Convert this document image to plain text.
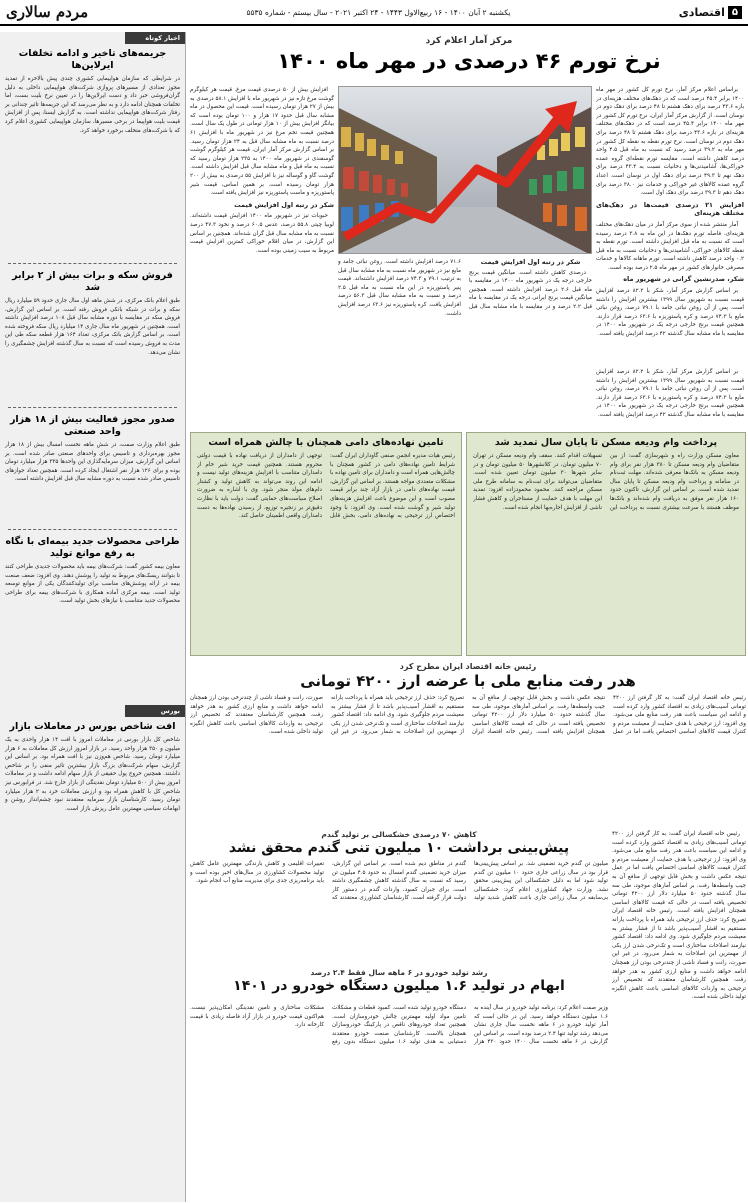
۵
اقتصادی
یکشنبه ۲ آبان ۱۴۰۰ - ۱۶ ربیع‌الاول ۱۴۴۳ - ۲۴ اکتبر ۲۰۲۱ - سال بیستم - شماره ۵۵۳۵
مردم سالاری
مرکز آمار اعلام کرد
نرخ تورم ۴۶ درصدی در مهر ماه ۱۴۰۰

براساس اعلام مرکز آمار، نرخ تورم کل کشور در مهر ماه ۱۴۰۰ برابر ۴۵.۴ درصد است که در دهک‌های مختلف هزینه‌ای در بازه ۴۳.۶ درصد برای دهک هشتم تا ۴۸ درصد برای دهک دوم در نوسان است. از گزارش مرکز آمار ایران، نرخ تورم کل کشور در مهر ماه ۱۴۰۰ برابر ۴۵.۴ درصد است که در دهک‌های مختلف هزینه‌ای در بازه ۴۳.۶ درصد برای دهک هشتم تا ۴۸ درصد برای دهک دوم در نوسان است. نرخ تورم نقطه به نقطه کل کشور در مهر ماه به ۳۹.۲ درصد رسید که نسبت به ماه قبل ۴.۵ واحد درصد کاهش داشته است. مقایسه تورم نقطه‌ای گروه عمده خوراکی‌ها، آشامیدنی‌ها و دخانیات نسبت به ۴۳.۴ درصد برای دهک نهم تا ۴۹.۳ درصد برای دهک اول در نوسان است. اعداد گروه عمده کالاهای غیر خوراکی و خدمات نیز ۳۸.۰ درصد برای دهک دهم تا ۳۹.۳ درصد برای دهک اول است.

افزایش ۲۱ درصدی قیمت‌ها در دهک‌های مختلف هزینه‌ای

آمار منتشر شده از سوی مرکز آمار در میان دهک‌های مختلف هزینه‌ای، فاصله تورم دهک‌ها در این ماه به ۳.۸ درصد رسیده است که نسبت به ماه قبل افزایش داشته است. تورم نقطه به نقطه کالاهای خوراکی، آشامیدنی‌ها و دخانیات نسبت به ماه قبل ۰.۲ واحد درصد کاهش داشته است. تورم ماهانه کالاها و خدمات مصرفی خانوارهای کشور در مهر ماه ۲.۵ درصد بوده است.

شکر، صدرنشین گرانی در شهریور ماه

بر اساس گزارش مرکز آمار، شکر با ۸۲.۲ درصد افزایش قیمت نسبت به شهریور سال ۱۳۹۹ بیشترین افزایش را داشته است. پس از آن روغن نباتی جامد با ۷۹.۱ درصد، روغن نباتی مایع با ۷۴.۳ درصد و کره پاستوریزه با ۶۳.۶ درصد قرار دارند. همچنین قیمت برنج خارجی درجه یک در شهریور ماه ۱۴۰۰ در مقایسه با ماه مشابه سال گذشته ۴۲ درصد افزایش یافته است.

افزایش بیش از ۵۰ درصدی قیمت مرغ. قیمت هر کیلوگرم گوشت مرغ تازه نیز در شهریور ماه با افزایش ۵۸.۱ درصدی به بیش از ۲۷ هزار تومان رسیده است. قیمت این محصول در ماه مشابه سال قبل حدود ۱۷ هزار و ۱۰۰ تومان بوده است که بیانگر افزایش بیش از ۱۰ هزار تومانی در طول یک سال است. همچنین قیمت تخم مرغ نیز در شهریور ماه با افزایش ۶۱ درصد نسبت به ماه مشابه سال قبل به ۲۴ هزار تومان رسید. بر اساس گزارش مرکز آمار ایران، قیمت هر کیلوگرم گوشت گوسفندی در شهریور ماه ۱۴۰۰ به ۲۳۵ هزار تومان رسید که نسبت به ماه قبل و ماه مشابه سال قبل افزایش داشته است. گوشت گاو و گوساله نیز با افزایش ۵۵ درصدی به بیش از ۲۰۰ هزار تومان رسیده است. بر همین اساس، قیمت شیر پاستوریزه و ماست پاستوریزه نیز افزایش یافته است.

شکر در رتبه اول افزایش قیمت

حبوبات نیز در شهریور ماه ۱۴۰۰ افزایش قیمت داشته‌اند. لوبیا چیتی ۵۵.۸ درصد، عدس ۶۰.۵ درصد و نخود ۴۷.۳ درصد نسبت به ماه مشابه سال قبل گران شده‌اند. همچنین بر اساس این گزارش، در میان اقلام خوراکی کمترین افزایش قیمت مربوط به سیب زمینی بوده است.

شکر در رتبه اول افزایش قیمت

درصدی کاهش داشته است. میانگین قیمت برنج خارجی درجه یک در شهریور ماه ۱۴۰۰ در مقایسه با ماه قبل ۲.۶ درصد افزایش داشته است. همچنین میانگین قیمت برنج ایرانی درجه یک در مقایسه با ماه قبل ۲.۲ درصد و در مقایسه با ماه مشابه سال قبل ۷۱.۶ درصد افزایش داشته است. روغن نباتی جامد و مایع نیز در شهریور ماه نسبت به ماه مشابه سال قبل به ترتیب ۷۹.۱ و ۷۴.۳ درصد افزایش داشته‌اند. قیمت پنیر پاستوریزه در این ماه نسبت به ماه قبل ۲.۵ درصد و نسبت به ماه مشابه سال قبل ۵۶.۳ درصد افزایش یافت. کره پاستوریزه نیز ۶۳.۶ درصد افزایش داشت.

بر اساس گزارش مرکز آمار، شکر با ۸۲.۲ درصد افزایش قیمت نسبت به شهریور سال ۱۳۹۹ بیشترین افزایش را داشته است. پس از آن روغن نباتی جامد با ۷۹.۱ درصد، روغن نباتی مایع با ۷۴.۳ درصد و کره پاستوریزه با ۶۳.۶ درصد قرار دارند. همچنین قیمت برنج خارجی درجه یک در شهریور ماه ۱۴۰۰ در مقایسه با ماه مشابه سال گذشته ۴۲ درصد افزایش یافته است.

پرداخت وام ودیعه مسکن تا پایان سال تمدید شد
معاون مسکن وزارت راه و شهرسازی گفت: از بین متقاضیان وام ودیعه مسکن تا ۳۸۰ هزار نفر برای وام ودیعه مسکن به بانک‌ها معرفی شده‌اند. مهلت ثبت‌نام در سامانه و پرداخت وام ودیعه مسکن تا پایان سال تمدید شده است. بر اساس این گزارش، تاکنون حدود ۱۶۰ هزار نفر موفق به دریافت وام شده‌اند و بانک‌ها موظف هستند با سرعت بیشتری نسبت به پرداخت این تسهیلات اقدام کنند. سقف وام ودیعه مسکن در تهران ۷۰ میلیون تومان، در کلانشهرها ۵۰ میلیون تومان و در سایر شهرها ۳۰ میلیون تومان تعیین شده است. متقاضیان می‌توانند برای ثبت‌نام به سامانه طرح ملی مسکن مراجعه کنند. محمود محمودزاده افزود: تمدید این مهلت با هدف حمایت از مستاجران و کاهش فشار ناشی از افزایش اجاره‌بها انجام شده است.
تامین نهاده‌های دامی همچنان با چالش همراه است
رئیس هیات مدیره انجمن صنفی گاوداران ایران گفت: شرایط تامین نهاده‌های دامی در کشور همچنان با چالش‌هایی همراه است و دامداران برای تامین نهاده با مشکلات متعددی مواجه هستند. بر اساس این گزارش، قیمت نهاده‌های دامی در بازار آزاد چند برابر قیمت مصوب است و این موضوع باعث افزایش هزینه‌های تولید شیر و گوشت شده است. وی افزود: با وجود اختصاص ارز ترجیحی به نهاده‌های دامی، بخش قابل توجهی از دامداران از دریافت نهاده با قیمت دولتی محروم هستند. همچنین قیمت خرید شیر خام از دامداران متناسب با افزایش هزینه‌های تولید نیست و ادامه این روند می‌تواند به کاهش تولید و کشتار دام‌های مولد منجر شود. وی با اشاره به ضرورت اصلاح سیاست‌های حمایتی گفت: دولت باید با نظارت دقیق‌تر بر زنجیره توزیع، از رسیدن نهاده‌ها به دست دامداران واقعی اطمینان حاصل کند.
رئیس خانه اقتصاد ایران مطرح کرد
هدر رفت منابع ملی با عرضه ارز ۴۲۰۰ تومانی
رئیس خانه اقتصاد ایران گفت: به کار گرفتن ارز ۴۲۰۰ تومانی آسیب‌های زیادی به اقتصاد کشور وارد کرده است و ادامه این سیاست باعث هدر رفت منابع ملی می‌شود. وی افزود: ارز ترجیحی با هدف حمایت از معیشت مردم و کنترل قیمت کالاهای اساسی اختصاص یافت اما در عمل نتیجه عکس داشت و بخش قابل توجهی از منافع آن به جیب واسطه‌ها رفت. بر اساس آمارهای موجود، طی سه سال گذشته حدود ۵۰ میلیارد دلار ارز ۴۲۰۰ تومانی تخصیص یافته است در حالی که قیمت کالاهای اساسی همچنان افزایش یافته است. رئیس خانه اقتصاد ایران تصریح کرد: حذف ارز ترجیحی باید همراه با پرداخت یارانه مستقیم به اقشار آسیب‌پذیر باشد تا از فشار بیشتر به معیشت مردم جلوگیری شود. وی ادامه داد: اقتصاد کشور نیازمند اصلاحات ساختاری است و تک‌نرخی شدن ارز یکی از مهمترین این اصلاحات به شمار می‌رود. در غیر این صورت، رانت و فساد ناشی از چندنرخی بودن ارز همچنان ادامه خواهد داشت و منابع ارزی کشور به هدر خواهد رفت. همچنین کارشناسان معتقدند که تخصیص ارز ترجیحی به واردات کالاهای اساسی باعث کاهش انگیزه تولید داخلی شده است.
کاهش ۷۰ درصدی خشکسالی بر تولید گندم
پیش‌بینی برداشت ۱۰ میلیون تنی گندم محقق نشد
میلیون تن گندم خرید تضمینی شد. بر اساس پیش‌بینی‌ها قرار بود در سال زراعی جاری حدود ۱۰ میلیون تن گندم تولید شود اما به دلیل خشکسالی این پیش‌بینی محقق نشد. وزارت جهاد کشاورزی اعلام کرد: خشکسالی بی‌سابقه در سال زراعی جاری باعث کاهش شدید تولید گندم در مناطق دیم شده است. بر اساس این گزارش، میزان خرید تضمینی گندم امسال به حدود ۴.۵ میلیون تن رسید که نسبت به سال گذشته کاهش چشمگیری داشته است. برای جبران کمبود، واردات گندم در دستور کار دولت قرار گرفته است. کارشناسان کشاورزی معتقدند که تغییرات اقلیمی و کاهش بارندگی مهمترین عامل کاهش تولید محصولات کشاورزی در سال‌های اخیر بوده است و باید برنامه‌ریزی جدی برای مدیریت منابع آب انجام شود.

رئیس خانه اقتصاد ایران گفت: به کار گرفتن ارز ۴۲۰۰ تومانی آسیب‌های زیادی به اقتصاد کشور وارد کرده است و ادامه این سیاست باعث هدر رفت منابع ملی می‌شود. وی افزود: ارز ترجیحی با هدف حمایت از معیشت مردم و کنترل قیمت کالاهای اساسی اختصاص یافت اما در عمل نتیجه عکس داشت و بخش قابل توجهی از منافع آن به جیب واسطه‌ها رفت. بر اساس آمارهای موجود، طی سه سال گذشته حدود ۵۰ میلیارد دلار ارز ۴۲۰۰ تومانی تخصیص یافته است در حالی که قیمت کالاهای اساسی همچنان افزایش یافته است. رئیس خانه اقتصاد ایران تصریح کرد: حذف ارز ترجیحی باید همراه با پرداخت یارانه مستقیم به اقشار آسیب‌پذیر باشد تا از فشار بیشتر به معیشت مردم جلوگیری شود. وی ادامه داد: اقتصاد کشور نیازمند اصلاحات ساختاری است و تک‌نرخی شدن ارز یکی از مهمترین این اصلاحات به شمار می‌رود. در غیر این صورت، رانت و فساد ناشی از چندنرخی بودن ارز همچنان ادامه خواهد داشت و منابع ارزی کشور به هدر خواهد رفت. همچنین کارشناسان معتقدند که تخصیص ارز ترجیحی به واردات کالاهای اساسی باعث کاهش انگیزه تولید داخلی شده است.

رشد تولید خودرو در ۶ ماهه سال فقط ۲.۴ درصد
ابهام در تولید ۱.۶ میلیون دستگاه خودرو در ۱۴۰۱
وزیر صمت اعلام کرد: برنامه تولید خودرو در سال آینده به ۱.۶ میلیون دستگاه خواهد رسید. این در حالی است که آمار تولید خودرو در ۶ ماهه نخست سال جاری نشان می‌دهد رشد تولید تنها ۲.۴ درصد بوده است. بر اساس این گزارش، در ۶ ماهه نخست سال ۱۴۰۰ حدود ۴۳۰ هزار دستگاه خودرو تولید شده است. کمبود قطعات و مشکلات تامین مواد اولیه مهمترین چالش خودروسازان است. همچنین تعداد خودروهای ناقص در پارکینگ خودروسازان همچنان بالاست. کارشناسان صنعت خودرو معتقدند دستیابی به هدف تولید ۱.۶ میلیون دستگاه بدون رفع مشکلات ساختاری و تامین نقدینگی امکان‌پذیر نیست. هم‌اکنون قیمت خودرو در بازار آزاد فاصله زیادی با قیمت کارخانه دارد.
اخبار کوتاه
جریمه‌های تاخیر و ادامه تخلفات ایرلاین‌ها
در شرایطی که سازمان هواپیمایی کشوری چندی پیش بالاخره از تمدید مجوز تعدادی از مسیرهای پروازی شرکت‌های هواپیمایی داخلی به دلیل گران‌فروشی خبر داد و دست ایرلاین‌ها را در تعیین نرخ بلیت بست، اما تخلفات همچنان ادامه دارد و به نظر می‌رسد که این جریمه‌ها تاثیر چندانی بر رفتار شرکت‌های هواپیمایی نداشته است. به گزارش ایسنا، پس از افزایش قیمت بلیت هواپیما در برخی مسیرها، سازمان هواپیمایی کشوری اعلام کرد که با شرکت‌های متخلف برخورد خواهد کرد.
فروش سکه و برات بیش از ۲ برابر شد
طبق اعلام بانک مرکزی، در شش ماهه اول سال جاری حدود ۵۹ میلیارد ریال سکه و برات در شبکه بانکی فروش رفته است. بر اساس این گزارش، فروش سکه در مقایسه با دوره مشابه سال قبل ۱۰۸ درصد افزایش داشته است. همچنین در شهریور ماه سال جاری ۱۴ میلیارد ریال سکه فروخته شده است. بر اساس گزارش بانک مرکزی، تعداد ۱۶۴ هزار قطعه سکه طی این مدت به فروش رسیده است که نسبت به سال گذشته افزایش چشمگیری را نشان می‌دهد.
صدور مجوز فعالیت بیش از ۱۸ هزار واحد صنعتی
طبق اعلام وزارت صمت، در شش ماهه نخست امسال بیش از ۱۸ هزار مجوز بهره‌برداری و تاسیس برای واحدهای صنعتی صادر شده است. بر اساس این گزارش، میزان سرمایه‌گذاری این واحدها ۳۳۵ هزار میلیارد تومان بوده و برای ۱۲۶ هزار نفر اشتغال ایجاد کرده است. همچنین تعداد جوازهای تاسیس صادر شده نسبت به دوره مشابه سال قبل افزایش داشته است.
طراحی محصولات جدید بیمه‌ای با نگاه به رفع موانع تولید
معاون بیمه کشور گفت: شرکت‌های بیمه باید محصولات جدیدی طراحی کنند تا بتوانند ریسک‌های مربوط به تولید را پوشش دهند. وی افزود: ضعف صنعت بیمه در ارائه پوشش‌های مناسب برای تولیدکنندگان یکی از موانع توسعه تولید است. بیمه مرکزی آماده همکاری با شرکت‌های بیمه برای طراحی محصولات جدید متناسب با نیازهای بخش تولید است.
بورس
افت شاخص بورس در معاملات بازار
شاخص کل بازار بورس در معاملات امروز با افت ۱۴ هزار واحدی به یک میلیون و ۳۵۰ هزار واحد رسید. در بازار امروز ارزش کل معاملات به ۶ هزار میلیارد تومان رسید. شاخص هم‌وزن نیز با افت همراه بود. بر اساس این گزارش، سهام شرکت‌های بزرگ بازار بیشترین تاثیر منفی را بر شاخص داشتند. همچنین خروج پول حقیقی از بازار سهام ادامه داشت و در معاملات امروز بیش از ۵۰۰ میلیارد تومان نقدینگی از بازار خارج شد. در فرابورس نیز شاخص کل با کاهش همراه بود و ارزش معاملات خرد به ۲ هزار میلیارد تومان رسید. کارشناسان بازار سرمایه معتقدند نبود چشم‌انداز روشن و ابهامات سیاسی مهمترین عامل ریزش بازار است.
